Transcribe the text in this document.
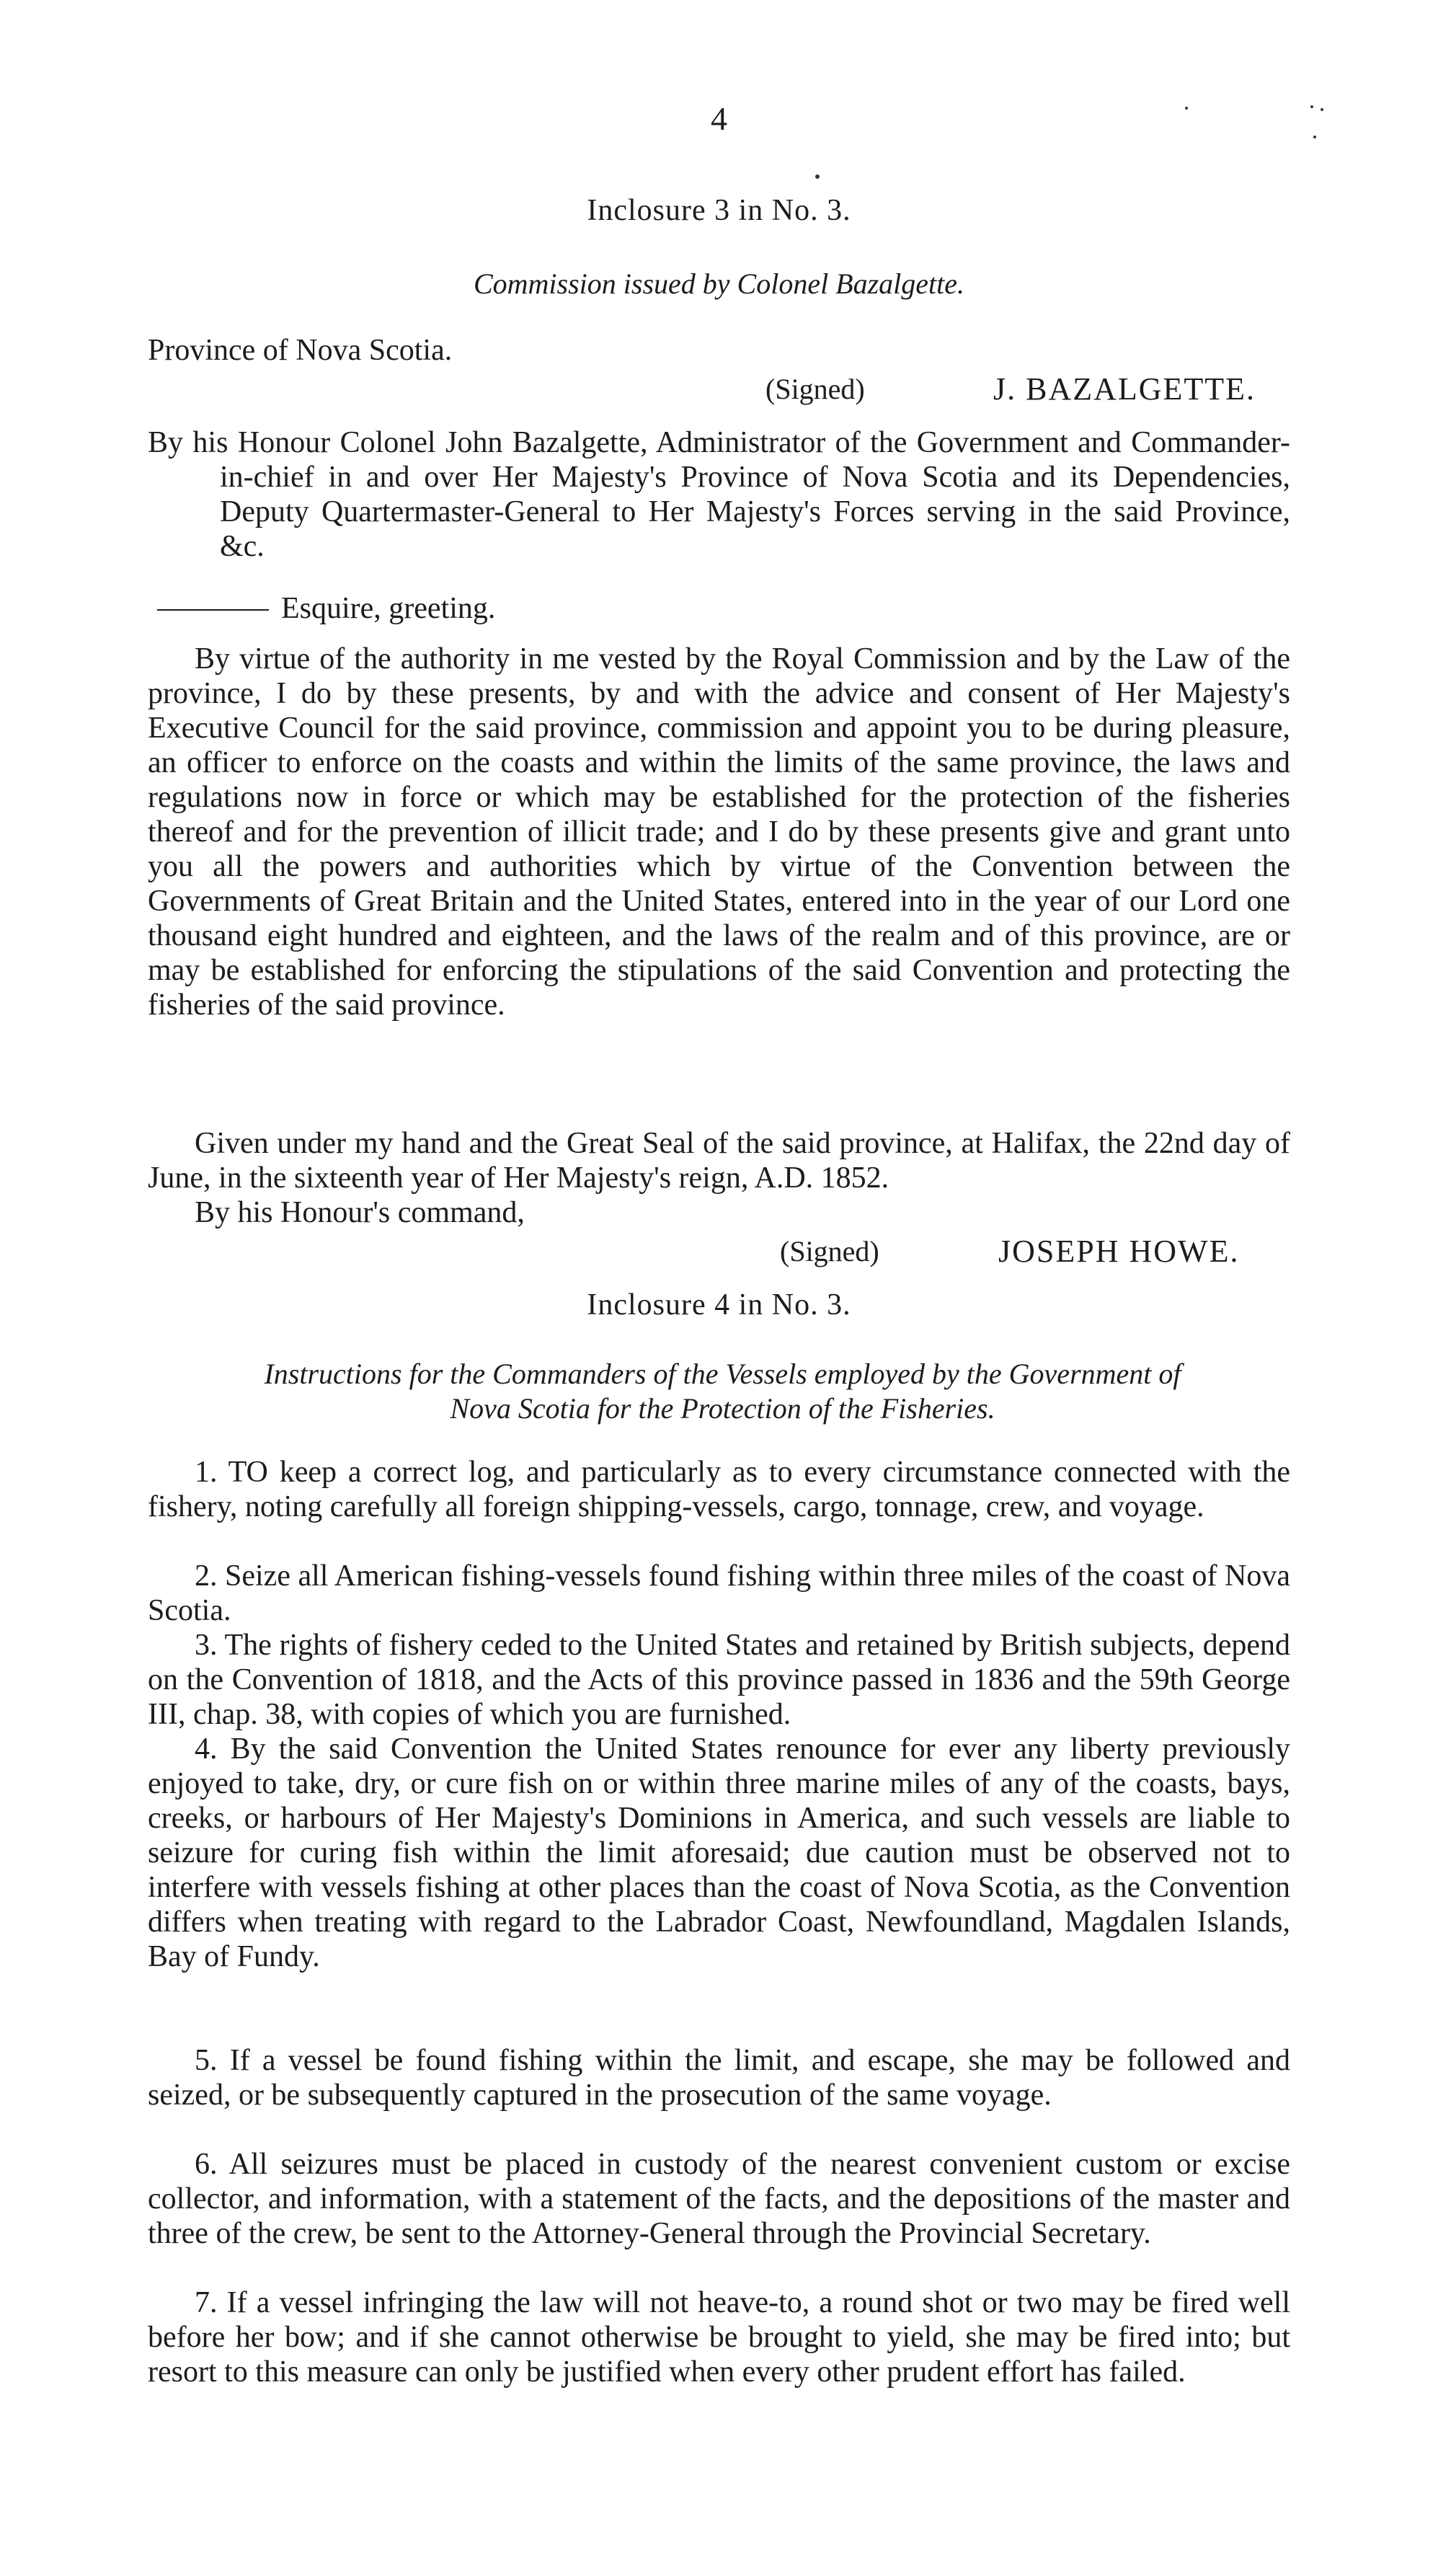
4
Inclosure 3 in No. 3.
Commission issued by Colonel Bazalgette.
Province of Nova Scotia.
(Signed)	J. BAZALGETTE.
By his Honour Colonel John Bazalgette, Administrator of the Government and Commander-in-chief in and over Her Majesty's Province of Nova Scotia and its Dependencies, Deputy Quartermaster-General to Her Majesty's Forces serving in the said Province, &c.
Esquire, greeting.
By virtue of the authority in me vested by the Royal Commission and by the Law of the province, I do by these presents, by and with the advice and consent of Her Majesty's Executive Council for the said province, commission and appoint you to be during pleasure, an officer to enforce on the coasts and within the limits of the same province, the laws and regulations now in force or which may be established for the protection of the fisheries thereof and for the prevention of illicit trade; and I do by these presents give and grant unto you all the powers and authorities which by virtue of the Convention between the Governments of Great Britain and the United States, entered into in the year of our Lord one thousand eight hundred and eighteen, and the laws of the realm and of this province, are or may be established for enforcing the stipulations of the said Convention and protecting the fisheries of the said province.
Given under my hand and the Great Seal of the said province, at Halifax, the 22nd day of June, in the sixteenth year of Her Majesty's reign, A.D. 1852.
By his Honour's command,
(Signed)	JOSEPH HOWE.
Inclosure 4 in No. 3.
Instructions for the Commanders of the Vessels employed by the Government of
Nova Scotia for the Protection of the Fisheries.
1. TO keep a correct log, and particularly as to every circumstance connected with the fishery, noting carefully all foreign shipping-vessels, cargo, tonnage, crew, and voyage.
2. Seize all American fishing-vessels found fishing within three miles of the coast of Nova Scotia.
3. The rights of fishery ceded to the United States and retained by British subjects, depend on the Convention of 1818, and the Acts of this province passed in 1836 and the 59th George III, chap. 38, with copies of which you are furnished.
4. By the said Convention the United States renounce for ever any liberty previously enjoyed to take, dry, or cure fish on or within three marine miles of any of the coasts, bays, creeks, or harbours of Her Majesty's Dominions in America, and such vessels are liable to seizure for curing fish within the limit aforesaid; due caution must be observed not to interfere with vessels fishing at other places than the coast of Nova Scotia, as the Convention differs when treating with regard to the Labrador Coast, Newfoundland, Magdalen Islands, Bay of Fundy.
5. If a vessel be found fishing within the limit, and escape, she may be followed and seized, or be subsequently captured in the prosecution of the same voyage.
6. All seizures must be placed in custody of the nearest convenient custom or excise collector, and information, with a statement of the facts, and the depositions of the master and three of the crew, be sent to the Attorney-General through the Provincial Secretary.
7. If a vessel infringing the law will not heave-to, a round shot or two may be fired well before her bow; and if she cannot otherwise be brought to yield, she may be fired into; but resort to this measure can only be justified when every other prudent effort has failed.
